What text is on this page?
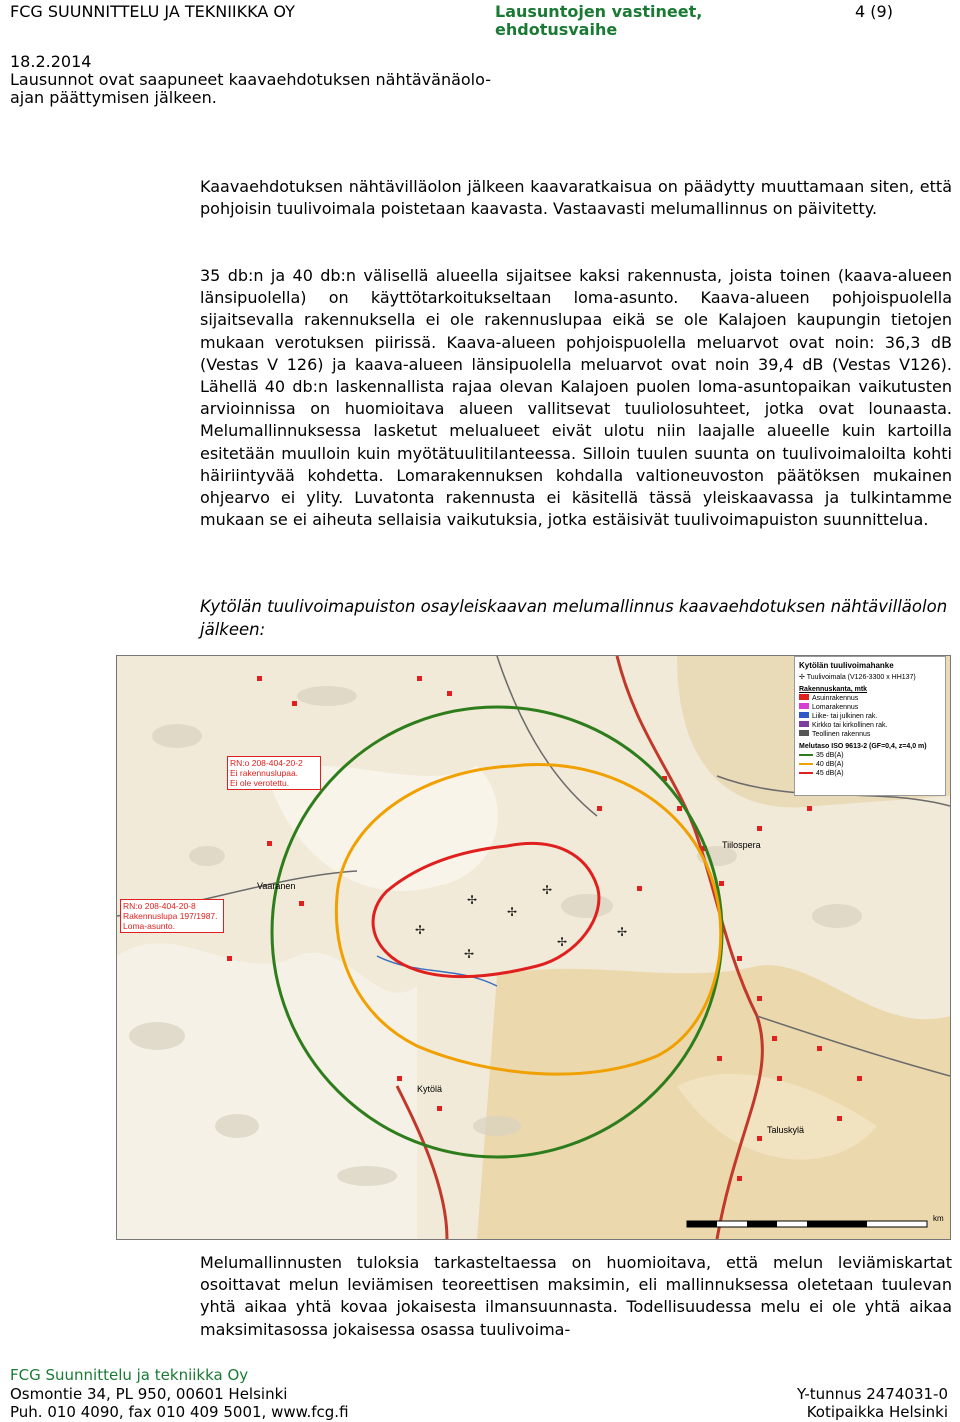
FCG SUUNNITTELU JA TEKNIIKKA OY	Lausuntojen vastineet,
ehdotusvaihe
4 (9)
18.2.2014
Lausunnot ovat saapuneet kaavaehdotuksen nähtävänäolo-
ajan päättymisen jälkeen.

Kaavaehdotuksen nähtävilläolon jälkeen kaavaratkaisua on päädytty muuttamaan siten, että pohjoisin tuulivoimala poistetaan kaavasta. Vastaavasti melumallinnus on päivitetty.

35 db:n ja 40 db:n välisellä alueella sijaitsee kaksi rakennusta, joista toinen (kaava-alueen länsipuolella) on käyttötarkoitukseltaan loma-asunto. Kaava-alueen pohjoispuolella sijaitsevalla rakennuksella ei ole rakennuslupaa eikä se ole Kalajoen kaupungin tietojen mukaan verotuksen piirissä. Kaava-alueen pohjoispuolella meluarvot ovat noin: 36,3 dB (Vestas V 126) ja kaava-alueen länsipuolella meluarvot ovat noin 39,4 dB (Vestas V126). Lähellä 40 db:n laskennallista rajaa olevan Kalajoen puolen loma-asuntopaikan vaikutusten arvioinnissa on huomioitava alueen vallitsevat tuuliolosuhteet, jotka ovat lounaasta. Melumallinnuksessa lasketut melualueet eivät ulotu niin laajalle alueelle kuin kartoilla esitetään muulloin kuin myötätuulitilanteessa. Silloin tuulen suunta on tuulivoimaloilta kohti häiriintyvää kohdetta. Lomarakennuksen kohdalla valtioneuvoston päätöksen mukainen ohjearvo ei ylity. Luvatonta rakennusta ei käsitellä tässä yleiskaavassa ja tulkintamme mukaan se ei aiheuta sellaisia vaikutuksia, jotka estäisivät tuulivoimapuiston suunnittelua.

Kytölän tuulivoimapuiston osayleiskaavan melumallinnus kaavaehdotuksen nähtävilläolon jälkeen:

✢
✢
✢
✢
✢
✢
✢
RN:o 208-404-20-2
Ei rakennuslupaa.
Ei ole verotettu.
RN:o 208-404-20-8
Rakennuslupa 197/1987.
Loma-asunto.
Tiilospera
Kytölä
Taluskylä
Vaaranen
km
Kytölän tuulivoimahanke
✢ Tuulivoimala (V126-3300 x HH137)
Rakennuskanta, mtk
Asuinrakennus
Lomarakennus
Liike- tai julkinen rak.
Kirkko tai kirkollinen rak.
Teollinen rakennus
Melutaso ISO 9613-2 (GF=0,4, z=4,0 m)
35 dB(A)
40 dB(A)
45 dB(A)

Melumallinnusten tuloksia tarkasteltaessa on huomioitava, että melun leviämiskartat osoittavat melun leviämisen teoreettisen maksimin, eli mallinnuksessa oletetaan tuulevan yhtä aikaa yhtä kovaa jokaisesta ilmansuunnasta. Todellisuudessa melu ei ole yhtä aikaa maksimitasossa jokaisessa osassa tuulivoima-

FCG Suunnittelu ja tekniikka Oy
Osmontie 34, PL 950, 00601 Helsinki
Puh. 010 4090, fax 010 409 5001, www.fcg.fi
Y-tunnus 2474031-0
Kotipaikka Helsinki
